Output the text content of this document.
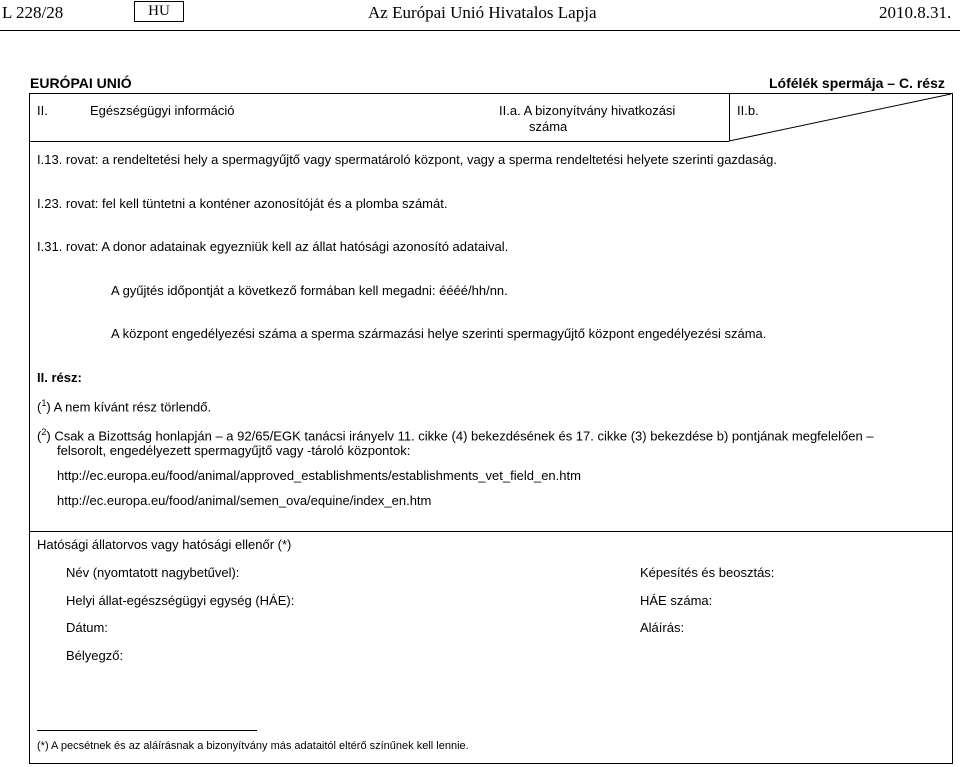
L 228/28	HU	Az Európai Unió Hivatalos Lapja	2010.8.31.
EURÓPAI UNIÓ	Lófélék spermája – C. rész
II.	Egészségügyi információ	II.a. A bizonyítvány hivatkozási
száma
II.b.
I.13. rovat: a rendeltetési hely a spermagyűjtő vagy spermatároló központ, vagy a sperma rendeltetési helyete szerinti gazdaság.
I.23. rovat: fel kell tüntetni a konténer azonosítóját és a plomba számát.
I.31. rovat: A donor adatainak egyezniük kell az állat hatósági azonosító adataival.
A gyűjtés időpontját a következő formában kell megadni: éééé/hh/nn.
A központ engedélyezési száma a sperma származási helye szerinti spermagyűjtő központ engedélyezési száma.
II. rész:
($^1$) A nem kívánt rész törlendő.
($^2$) Csak a Bizottság honlapján – a 92/65/EGK tanácsi irányelv 11. cikke (4) bekezdésének és 17. cikke (3) bekezdése b) pontjának megfelelően –
felsorolt, engedélyezett spermagyűjtő vagy -tároló központok:
http://ec.europa.eu/food/animal/approved_establishments/establishments_vet_field_en.htm
http://ec.europa.eu/food/animal/semen_ova/equine/index_en.htm
Hatósági állatorvos vagy hatósági ellenőr (*)
Név (nyomtatott nagybetűvel):	Képesítés és beosztás:
Helyi állat-egészségügyi egység (HÁE):	HÁE száma:
Dátum:	Aláírás:
Bélyegző:
(*) A pecsétnek és az aláírásnak a bizonyítvány más adataitól eltérő színűnek kell lennie.
